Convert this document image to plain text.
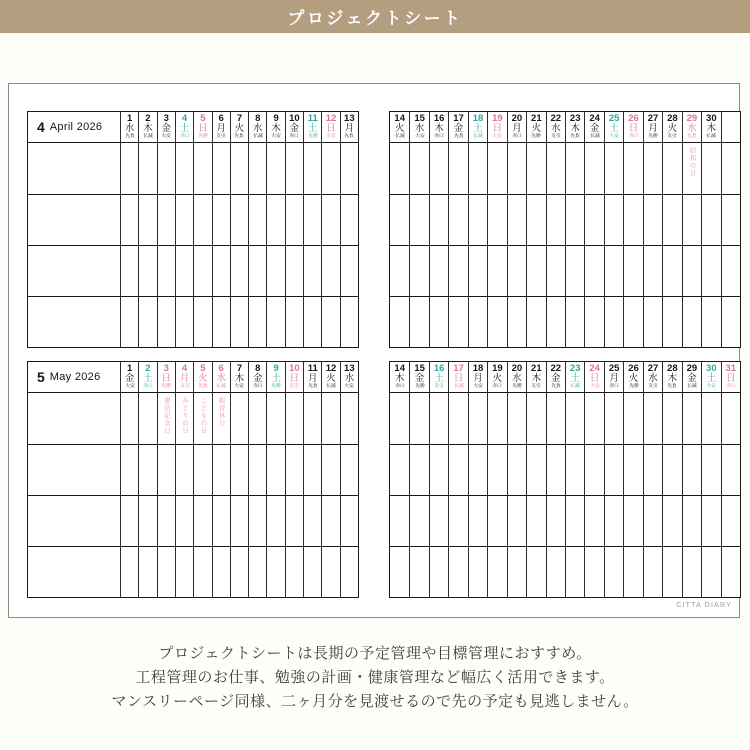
プロジェクトシート
4 April 2026
1
水
先負
2
木
仏滅
3
金
大安
4
土
赤口
5
日
先勝
6
月
友引
7
火
先負
8
水
仏滅
9
木
大安
10
金
赤口
11
土
先勝
12
日
友引
13
月
先負
14
火
仏滅
15
水
大安
16
木
赤口
17
金
先負
18
土
仏滅
19
日
大安
20
月
赤口
21
火
先勝
22
水
友引
23
木
先負
24
金
仏滅
25
土
大安
26
日
赤口
27
月
先勝
28
火
友引
29
水
先負
30
木
仏滅
昭和の日
5 May 2026
1
金
大安
2
土
赤口
3
日
先勝
4
月
友引
5
火
先負
6
水
仏滅
7
木
大安
8
金
赤口
9
土
先勝
10
日
友引
11
月
先負
12
火
仏滅
13
水
大安
憲法記念日 みどりの日 こどもの日 振替休日
14
木
赤口
15
金
先勝
16
土
友引
17
日
仏滅
18
月
大安
19
火
赤口
20
水
先勝
21
木
友引
22
金
先負
23
土
仏滅
24
日
大安
25
月
赤口
26
火
先勝
27
水
友引
28
木
先負
29
金
仏滅
30
土
大安
31
日
赤口
CITTA DIARY

プロジェクトシートは長期の予定管理や目標管理におすすめ。

工程管理のお仕事、勉強の計画・健康管理など幅広く活用できます。

マンスリーページ同様、二ヶ月分を見渡せるので先の予定も見逃しません。
